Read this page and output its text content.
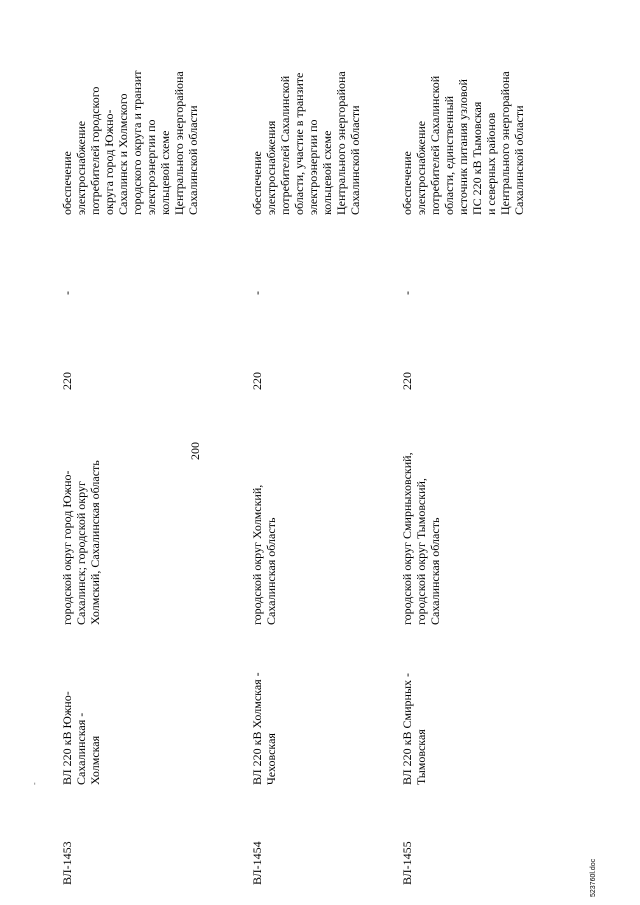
200
-
ВЛ-1453
ВЛ 220 кВ Южно-
Сахалинская -
Холмская
городской округ город Южно-
Сахалинск; городской округ
Холмский, Сахалинская область
220
-
обеспечение
электроснабжение
потребителей городского
округа город Южно-
Сахалинск и Холмского
городского округа и транзит
электроэнергии по
кольцевой схеме
Центрального энергорайона
Сахалинской области
ВЛ-1454
ВЛ 220 кВ Холмская -
Чеховская
городской округ Холмский,
Сахалинская область
220
-
обеспечение
электроснабжения
потребителей Сахалинской
области, участие в транзите
электроэнергии по
кольцевой схеме
Центрального энергорайона
Сахалинской области
ВЛ-1455
ВЛ 220 кВ Смирных -
Тымовская
городской округ Смирныховский,
городской округ Тымовский,
Сахалинская область
220
-
обеспечение
электроснабжение
потребителей Сахалинской
области, единственный
источник питания узловой
ПС 220 кВ Тымовская
и северных районов
Центрального энергорайона
Сахалинской области
523760l.doc
